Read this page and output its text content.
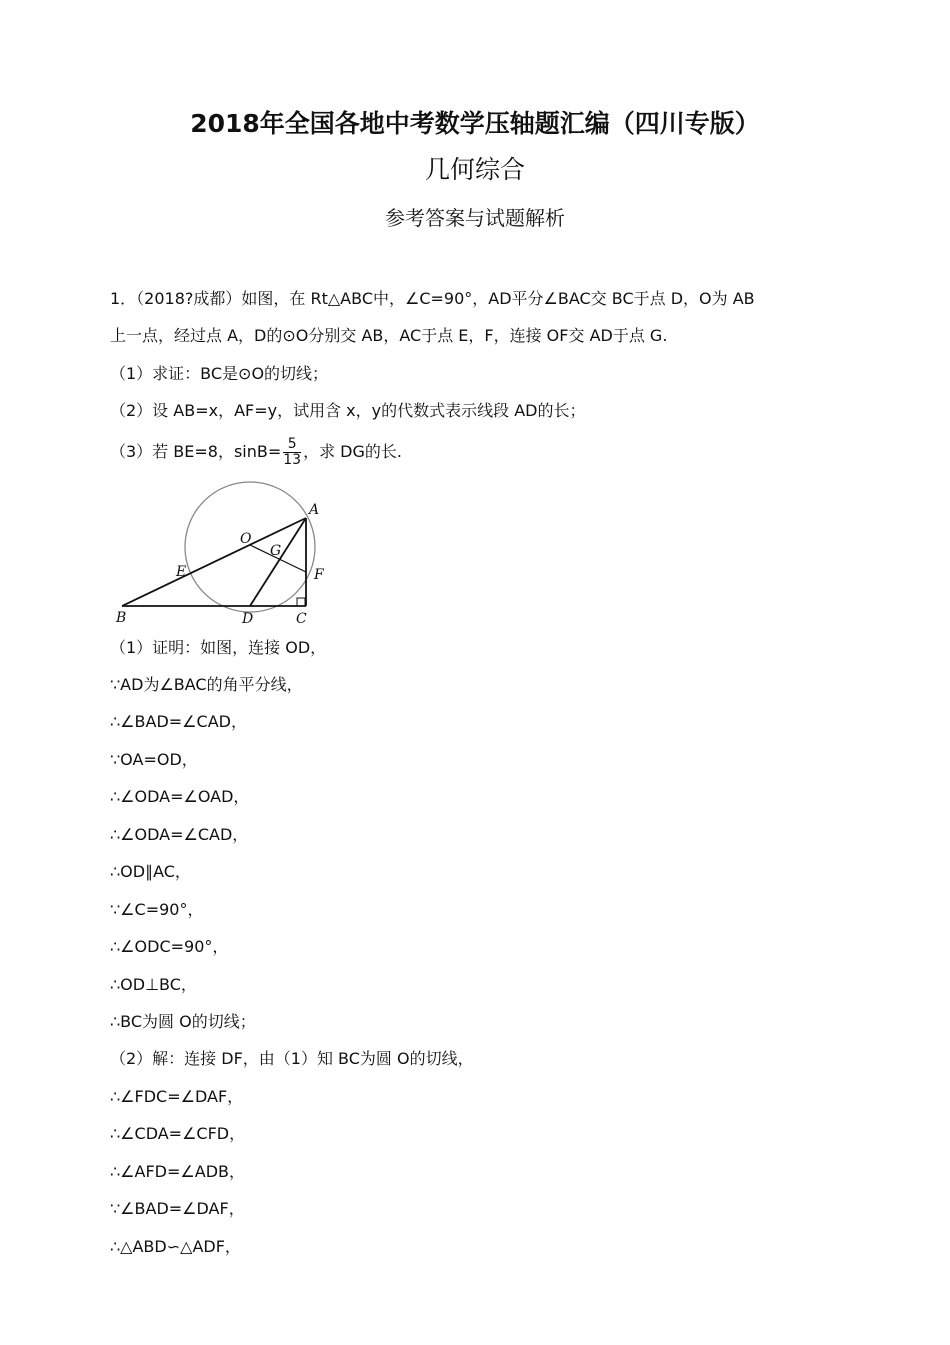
2018年全国各地中考数学压轴题汇编（四川专版）
几何综合
参考答案与试题解析
1．（2018?成都）如图，在 Rt△ABC中，∠C=90°，AD平分∠BAC交 BC于点 D，O为 AB
上一点，经过点 A，D的⊙O分别交 AB，AC于点 E，F，连接 OF交 AD于点 G.
（1）求证：BC是⊙O的切线；
（2）设 AB=x，AF=y，试用含 x，y的代数式表示线段 AD的长；
（3）若 BE=8，$\sin B= \frac{5}{13}$ ，求 DG的长.
A
B	C
D
E	F
O
G
（1）证明：如图，连接 OD，
∵AD为∠BAC的角平分线，
∴∠BAD=∠CAD，
∵OA=OD，
∴∠ODA=∠OAD，
∴∠ODA=∠CAD，
∴OD∥AC，
∵∠C=90°，
∴∠ODC=90°，
∴OD⊥BC，
∴BC为圆 O的切线；
（2）解：连接 DF，由（1）知 BC为圆 O的切线，
∴∠FDC=∠DAF，
∴∠CDA=∠CFD，
∴∠AFD=∠ADB，
∵∠BAD=∠DAF，
∴△ABD∽△ADF，
